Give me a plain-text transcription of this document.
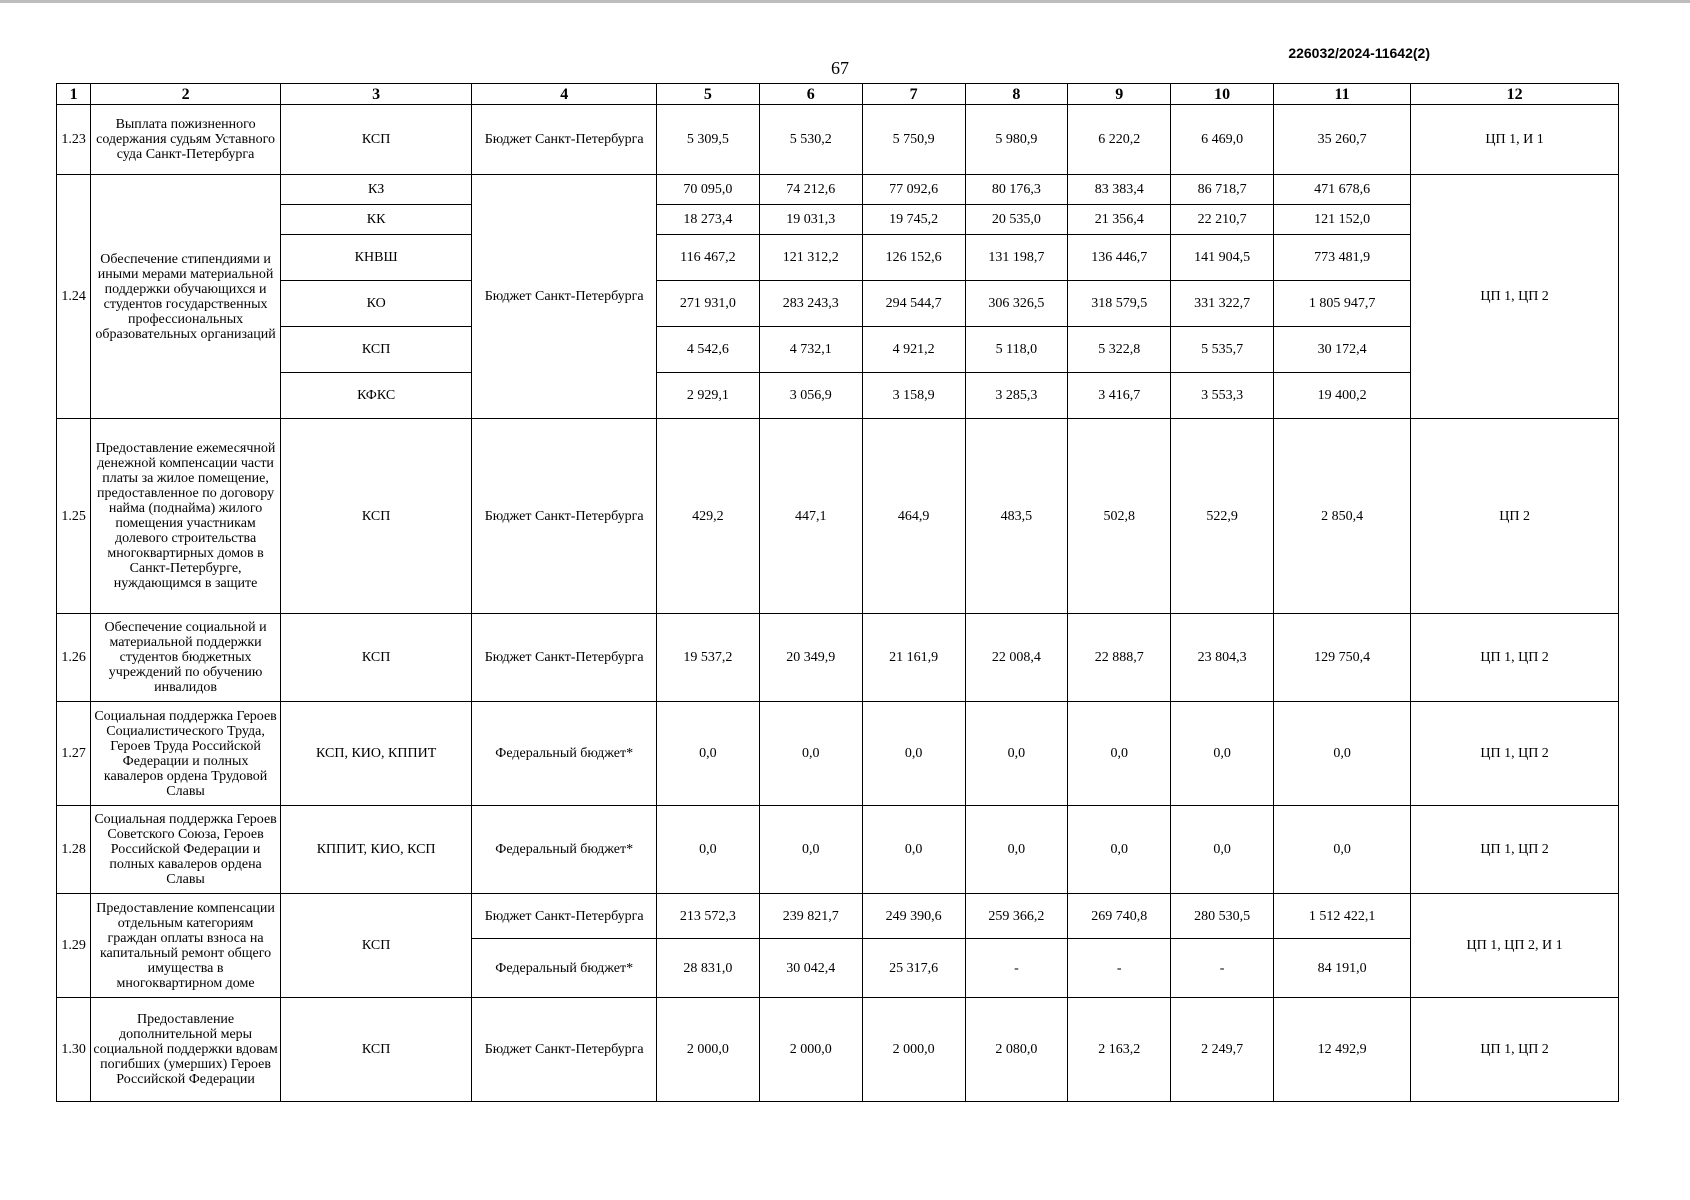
67
226032/2024-11642(2)
1	2	3	4	5	6	7	8	9	10	11	12
1.23	Выплата пожизненного содержания судьям Уставного суда Санкт-Петербурга	КСП	Бюджет Санкт-Петербурга	5 309,5	5 530,2	5 750,9	5 980,9	6 220,2	6 469,0	35 260,7	ЦП 1, И 1
1.24	Обеспечение стипендиями и иными мерами материальной поддержки обучающихся и студентов государственных профессиональных образовательных организаций	КЗ	Бюджет Санкт-Петербурга	70 095,0	74 212,6	77 092,6	80 176,3	83 383,4	86 718,7	471 678,6	ЦП 1, ЦП 2
		КК		18 273,4	19 031,3	19 745,2	20 535,0	21 356,4	22 210,7	121 152,0	
		КНВШ		116 467,2	121 312,2	126 152,6	131 198,7	136 446,7	141 904,5	773 481,9	
		КО		271 931,0	283 243,3	294 544,7	306 326,5	318 579,5	331 322,7	1 805 947,7	
		КСП		4 542,6	4 732,1	4 921,2	5 118,0	5 322,8	5 535,7	30 172,4	
		КФКС		2 929,1	3 056,9	3 158,9	3 285,3	3 416,7	3 553,3	19 400,2	
1.25	Предоставление ежемесячной денежной компенсации части платы за жилое помещение, предоставленное по договору найма (поднайма) жилого помещения участникам долевого строительства многоквартирных домов в Санкт-Петербурге, нуждающимся в защите	КСП	Бюджет Санкт-Петербурга	429,2	447,1	464,9	483,5	502,8	522,9	2 850,4	ЦП 2
1.26	Обеспечение социальной и материальной поддержки студентов бюджетных учреждений по обучению инвалидов	КСП	Бюджет Санкт-Петербурга	19 537,2	20 349,9	21 161,9	22 008,4	22 888,7	23 804,3	129 750,4	ЦП 1, ЦП 2
1.27	Социальная поддержка Героев Социалистического Труда, Героев Труда Российской Федерации и полных кавалеров ордена Трудовой Славы	КСП, КИО, КППИТ	Федеральный бюджет*	0,0	0,0	0,0	0,0	0,0	0,0	0,0	ЦП 1, ЦП 2
1.28	Социальная поддержка Героев Советского Союза, Героев Российской Федерации и полных кавалеров ордена Славы	КППИТ, КИО, КСП	Федеральный бюджет*	0,0	0,0	0,0	0,0	0,0	0,0	0,0	ЦП 1, ЦП 2
1.29	Предоставление компенсации отдельным категориям граждан оплаты взноса на капитальный ремонт общего имущества в многоквартирном доме	КСП	Бюджет Санкт-Петербурга	213 572,3	239 821,7	249 390,6	259 366,2	269 740,8	280 530,5	1 512 422,1	ЦП 1, ЦП 2, И 1
			Федеральный бюджет*	28 831,0	30 042,4	25 317,6	-	-	-	84 191,0	
1.30	Предоставление дополнительной меры социальной поддержки вдовам погибших (умерших) Героев Российской Федерации	КСП	Бюджет Санкт-Петербурга	2 000,0	2 000,0	2 000,0	2 080,0	2 163,2	2 249,7	12 492,9	ЦП 1, ЦП 2
